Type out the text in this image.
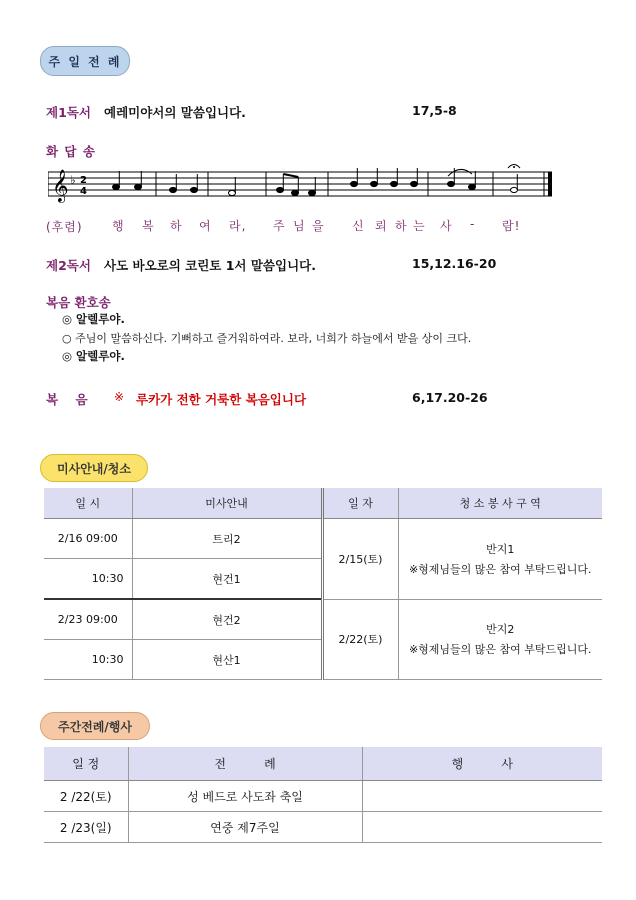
주 일 전 례
제1독서 예레미야서의 말씀입니다.	17,5-8
화 답 송
𝄞 ♭ 2
4
(후렴) 행 복 하 여 라, 주 님 을 신 뢰 하 는 사 - 람!
제2독서 사도 바오로의 코린토 1서 말씀입니다.	15,12.16-20
복음 환호송
◎ 알렐루야.
○ 주님이 말씀하신다. 기뻐하고 즐거워하여라. 보라, 너희가 하늘에서 받을 상이 크다.
◎ 알렐루야.
복    음 ※ 루카가 전한 거룩한 복음입니다	6,17.20-26
미사안내/청소
일 시	미사안내	일 자	청 소 봉 사 구 역
2/16 09:00	트리2	2/15(토)	반지1
※형제님들의 많은 참여 부탁드립니다.

10:30	현건1		
2/23 09:00	현건2	2/22(토)	반지2
※형제님들의 많은 참여 부탁드립니다.

10:30	현산1		
주간전례/행사
일 정	전          례	행          사
2 /22(토)	성 베드로 사도좌 축일	
2 /23(일)	연중 제7주일	
